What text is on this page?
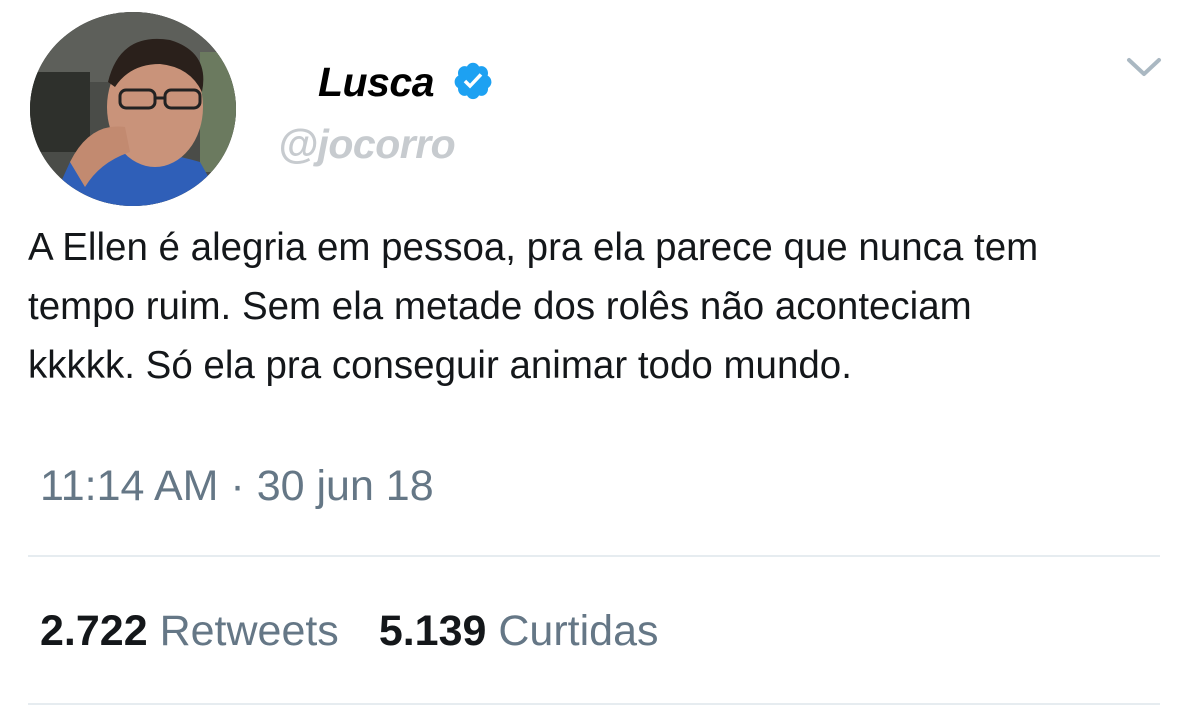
Lusca
@jocorro

A Ellen é alegria em pessoa, pra ela parece que nunca tem
tempo ruim. Sem ela metade dos rolês não aconteciam
kkkkk. Só ela pra conseguir animar todo mundo.

11:14 AM · 30 jun 18
2.722 Retweets 5.139 Curtidas
